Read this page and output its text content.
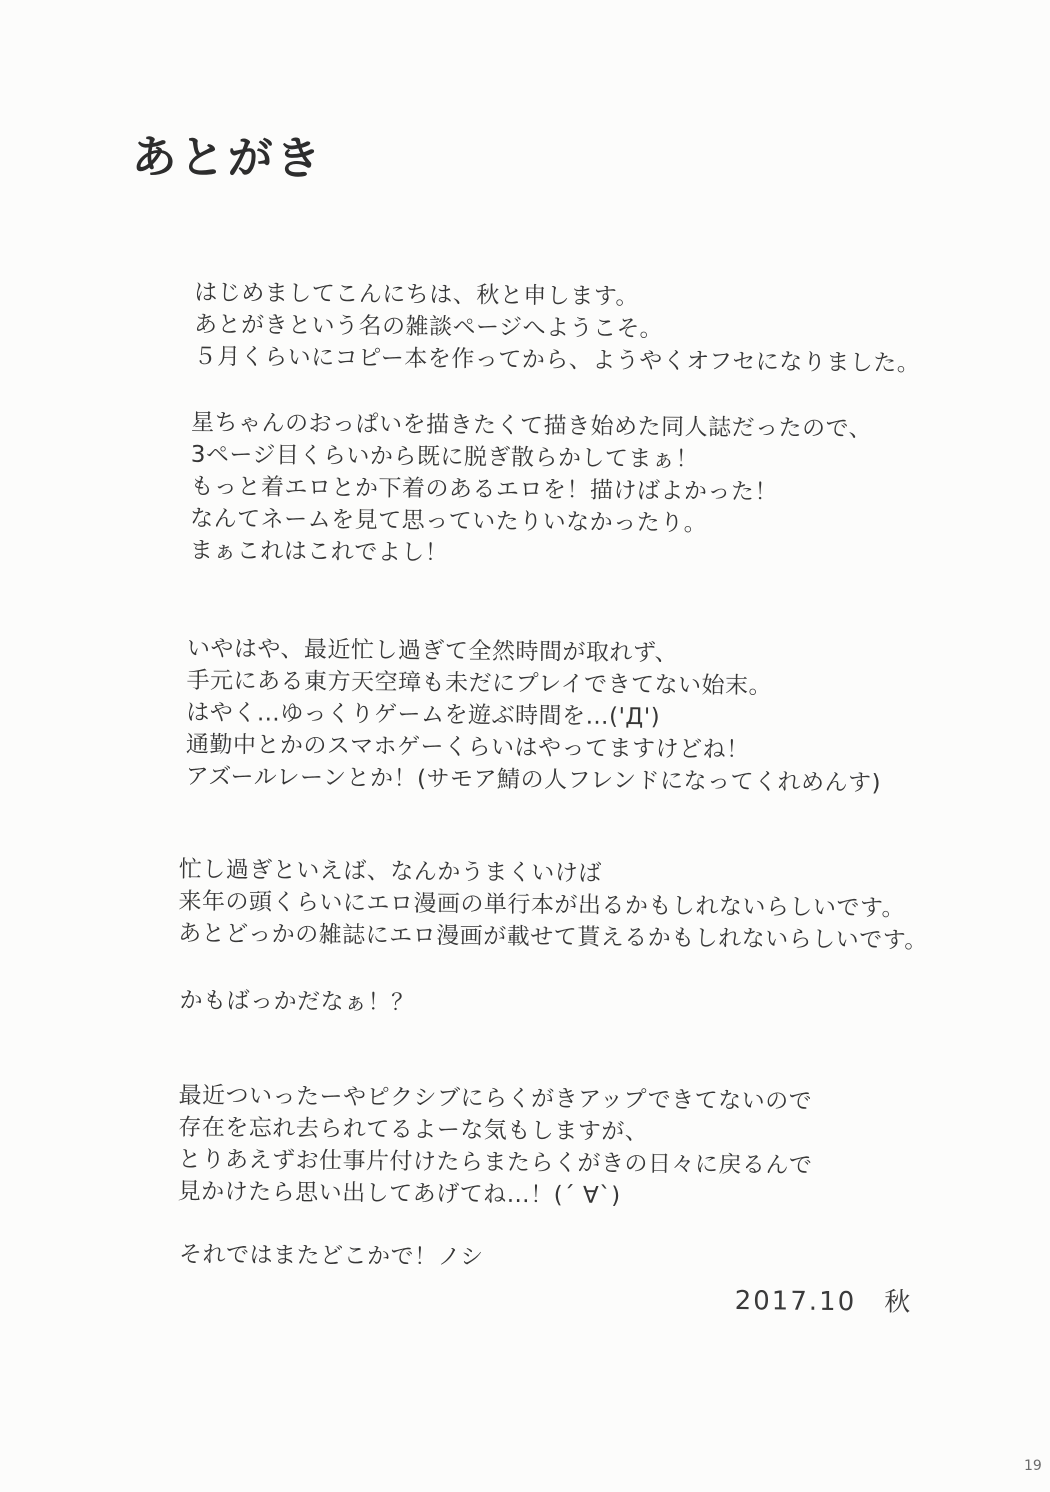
あとがき
はじめましてこんにちは、秋と申します。
あとがきという名の雑談ページへようこそ。
５月くらいにコピー本を作ってから、ようやくオフセになりました。
星ちゃんのおっぱいを描きたくて描き始めた同人誌だったので、
3ページ目くらいから既に脱ぎ散らかしてまぁ！
もっと着エロとか下着のあるエロを！描けばよかった！
なんてネームを見て思っていたりいなかったり。
まぁこれはこれでよし！
いやはや、最近忙し過ぎて全然時間が取れず、
手元にある東方天空璋も未だにプレイできてない始末。
はやく…ゆっくりゲームを遊ぶ時間を…('Д')
通勤中とかのスマホゲーくらいはやってますけどね！
アズールレーンとか！(サモア鯖の人フレンドになってくれめんす)
忙し過ぎといえば、なんかうまくいけば
来年の頭くらいにエロ漫画の単行本が出るかもしれないらしいです。
あとどっかの雑誌にエロ漫画が載せて貰えるかもしれないらしいです。
かもばっかだなぁ！？
最近ついったーやピクシブにらくがきアップできてないので
存在を忘れ去られてるよーな気もしますが、
とりあえずお仕事片付けたらまたらくがきの日々に戻るんで
見かけたら思い出してあげてね…！(´ ∀`)
それではまたどこかで！ノシ
2017.10　秋
19
